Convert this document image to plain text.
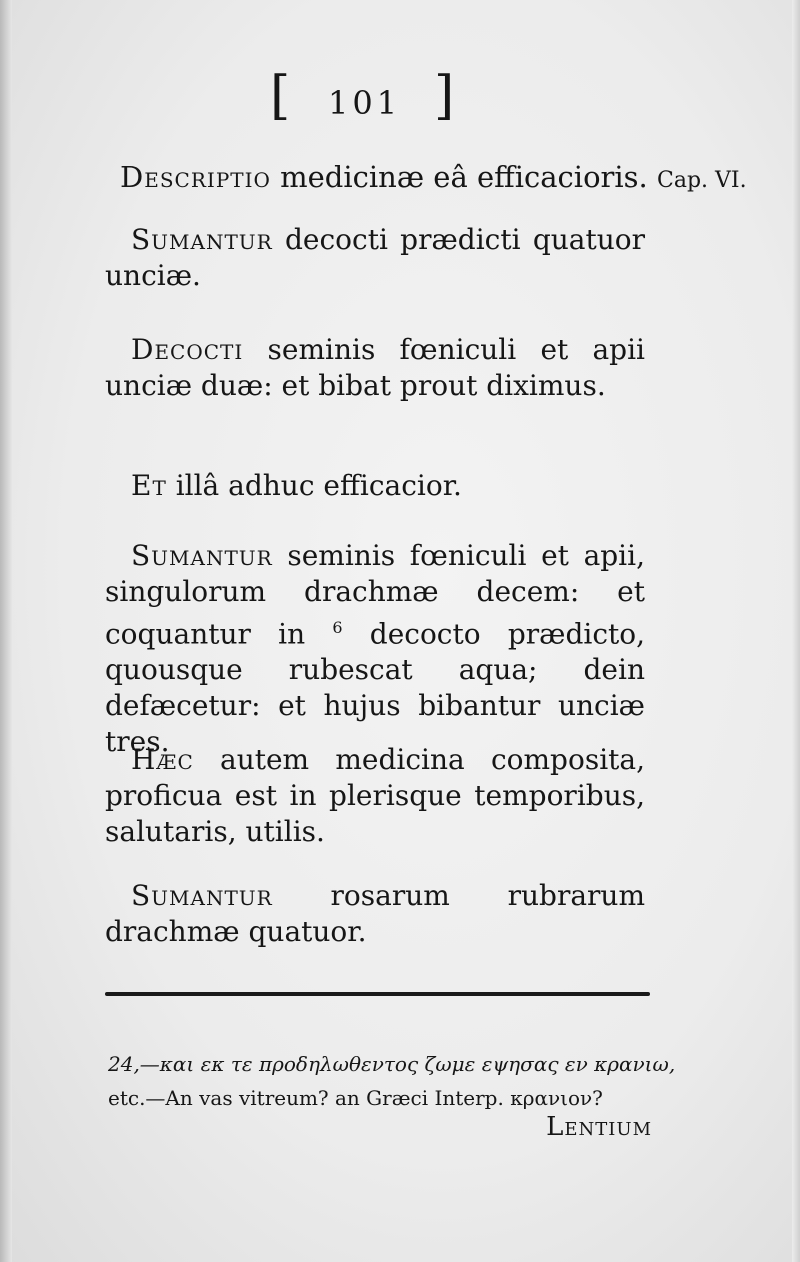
[ 101 ]
Descriptio medicinæ eâ efficacioris. Cap. VI.
Sumantur decocti prædicti quatuor unciæ.
Decocti seminis fœniculi et apii unciæ duæ: et bibat prout diximus.
Et illâ adhuc efficacior.
Sumantur seminis fœniculi et apii, singulorum drachmæ decem: et coquantur in $^6$ decocto prædicto, quousque rubescat aqua; dein defæcetur: et hujus bibantur unciæ tres.
Hæc autem medicina composita, proficua est in plerisque temporibus, salutaris, utilis.
Sumantur rosarum rubrarum drachmæ quatuor.
24,—και εκ τε προδηλωθεντος ζωμε εψησας εν κρανιω,
etc.—An vas vitreum? an Græci Interp. κρανιον?
Lentium
